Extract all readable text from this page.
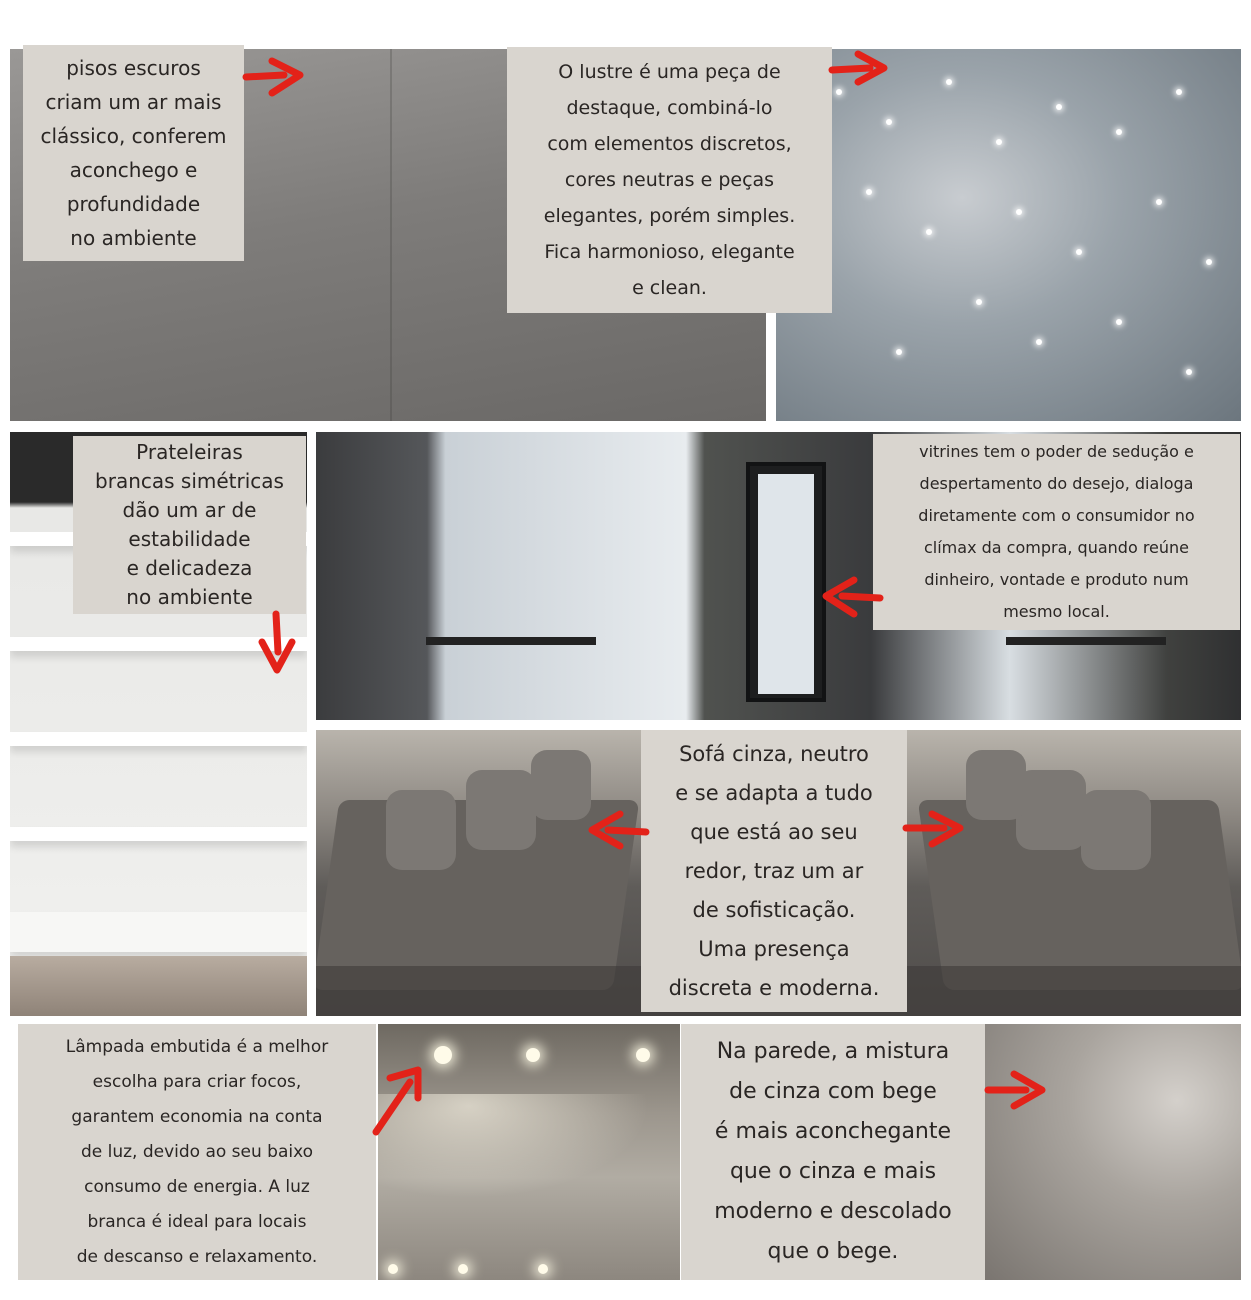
pisos escuros
criam um ar mais
clássico, conferem
aconchego e
profundidade
no ambiente
O lustre é uma peça de
destaque, combiná-lo
com elementos discretos,
cores neutras e peças
elegantes, porém simples.
Fica harmonioso, elegante
e clean.
Prateleiras
brancas simétricas
dão um ar de
estabilidade
e delicadeza
no ambiente
vitrines tem o poder de sedução e
despertamento do desejo, dialoga
diretamente com o consumidor no
clímax da compra, quando reúne
dinheiro, vontade e produto num
mesmo local.
Sofá cinza, neutro
e se adapta a tudo
que está ao seu
redor, traz um ar
de sofisticação.
Uma presença
discreta e moderna.
Lâmpada embutida é a melhor
escolha para criar focos,
garantem economia na conta
de luz, devido ao seu baixo
consumo de energia. A luz
branca é ideal para locais
de descanso e relaxamento.
Na parede, a mistura
de cinza com bege
é mais aconchegante
que o cinza e mais
moderno e descolado
que o bege.
